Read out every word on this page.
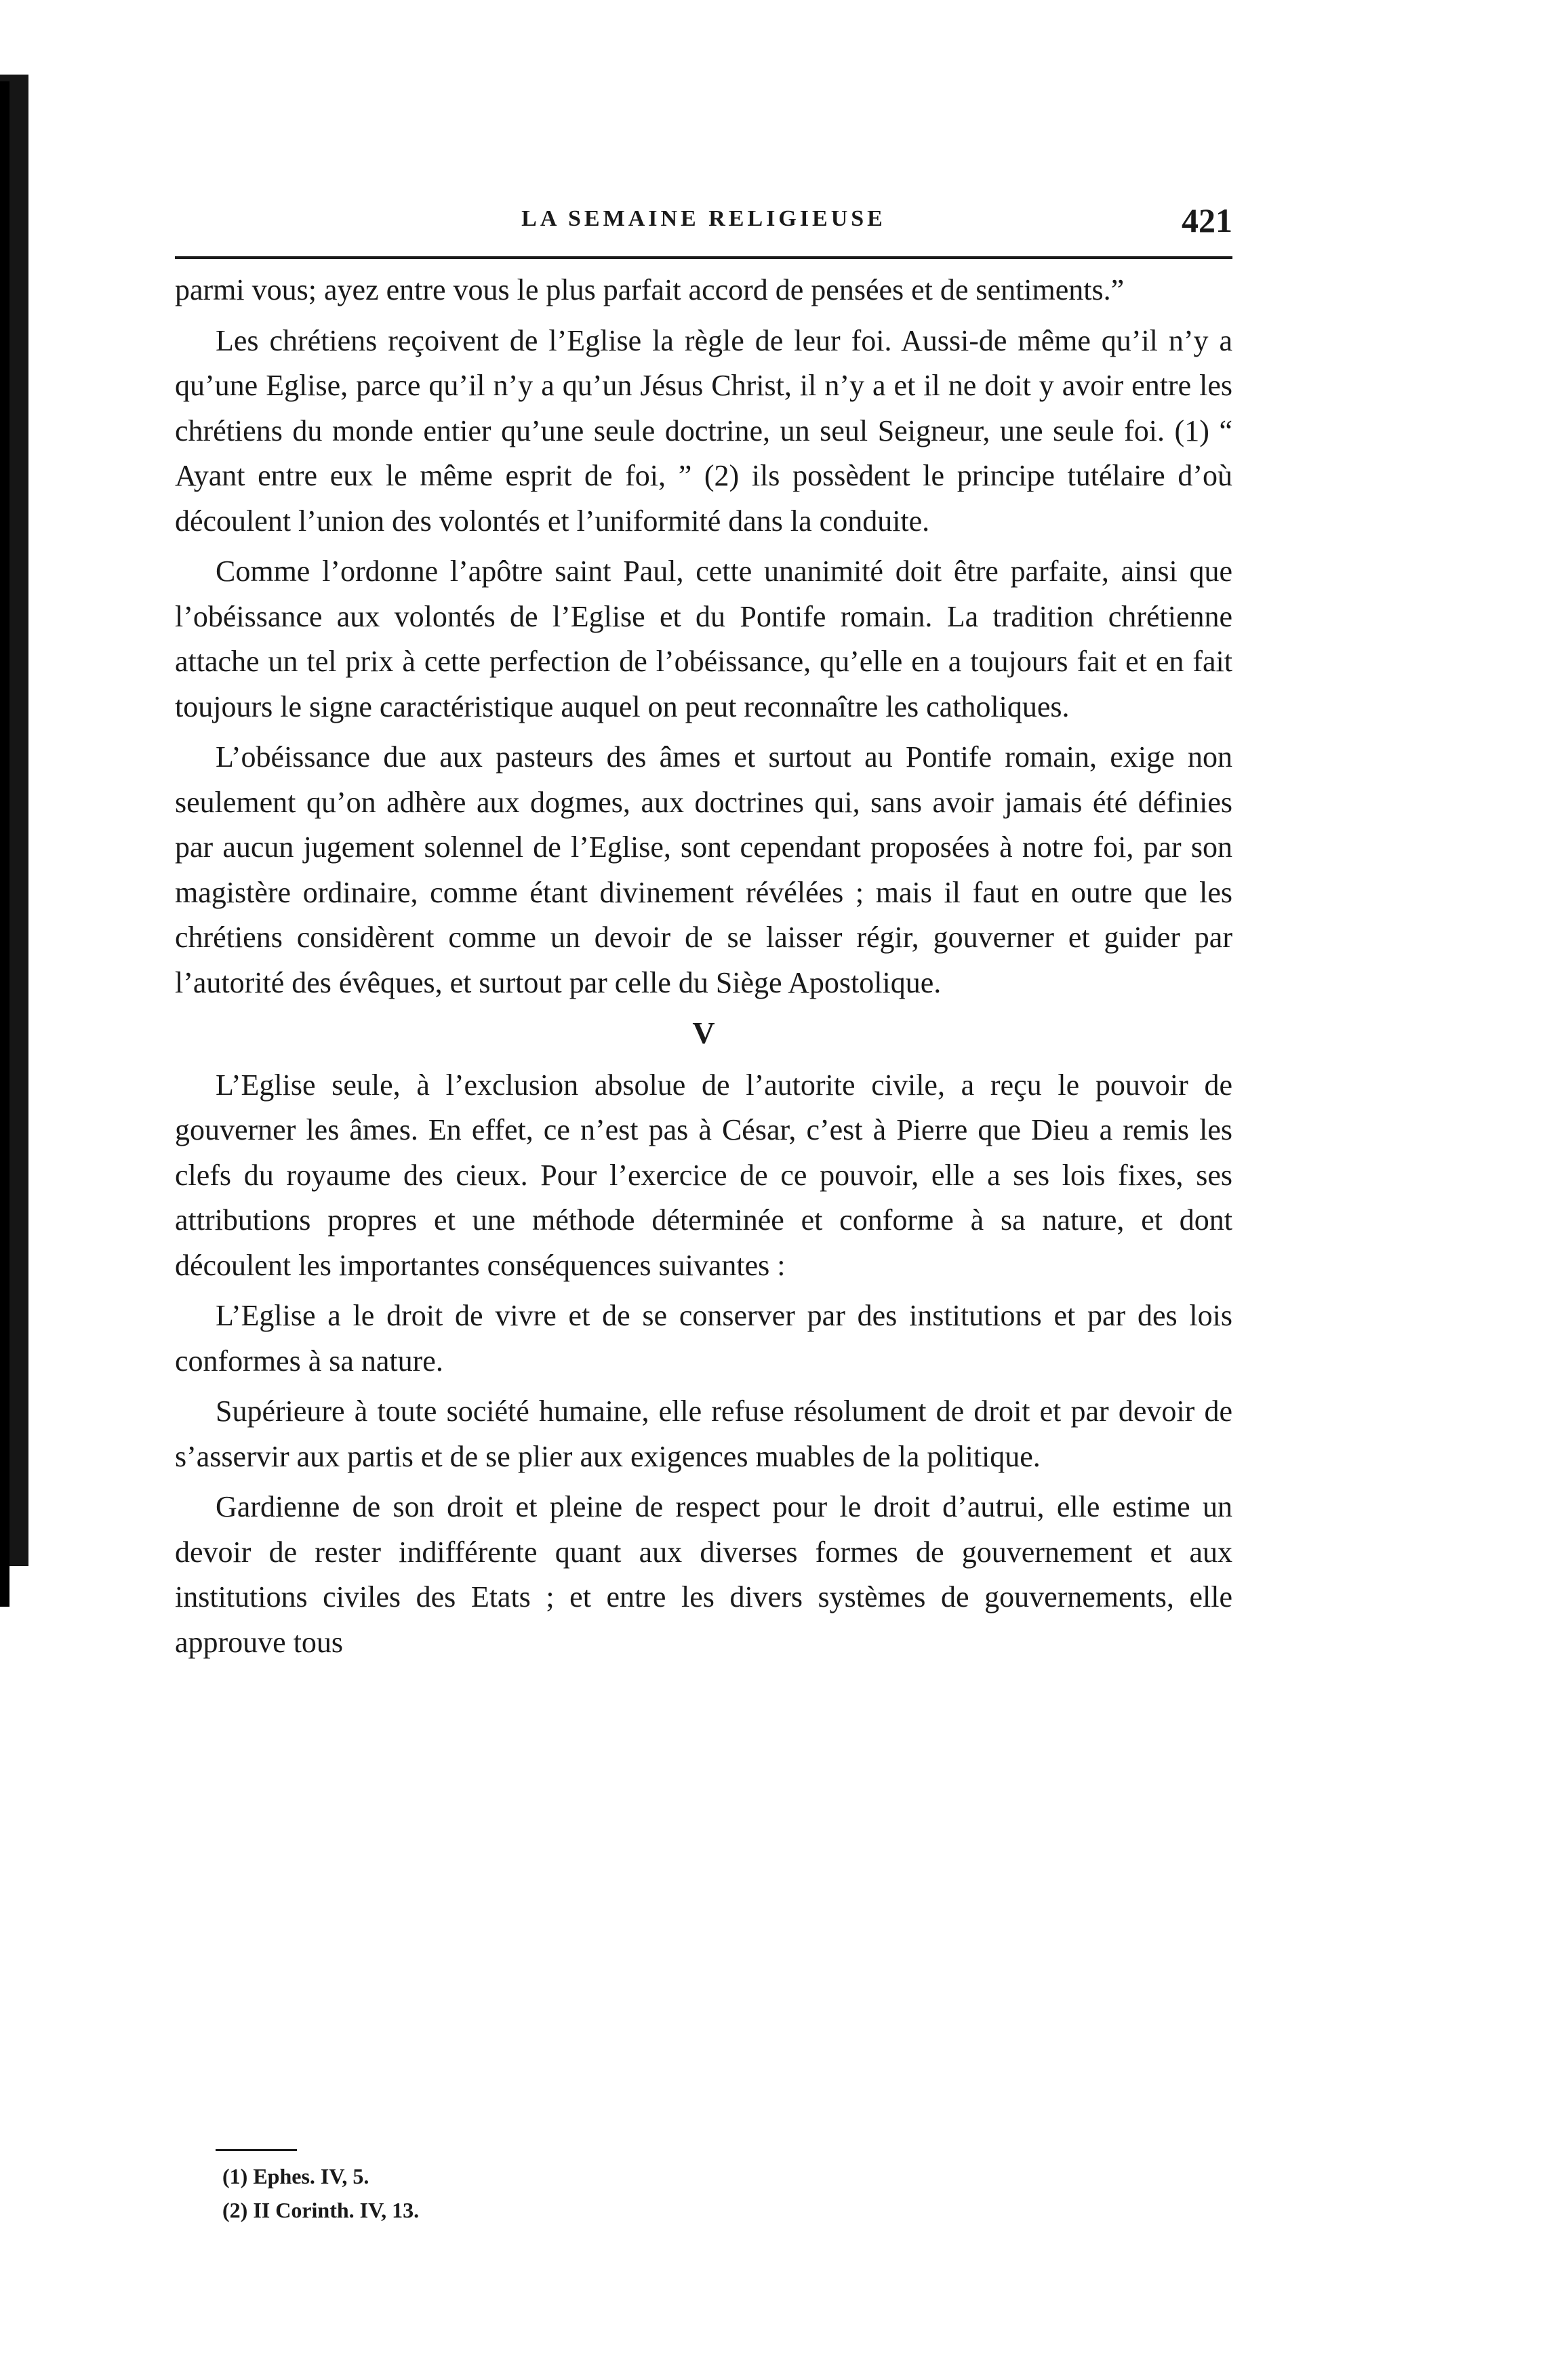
LA SEMAINE RELIGIEUSE	421

parmi vous; ayez entre vous le plus parfait accord de pensées et de sentiments.”

Les chrétiens reçoivent de l’Eglise la règle de leur foi. Aussi-de même qu’il n’y a qu’une Eglise, parce qu’il n’y a qu’un Jésus Christ, il n’y a et il ne doit y avoir entre les chrétiens du monde entier qu’une seule doctrine, un seul Seigneur, une seule foi. (1) “ Ayant entre eux le même esprit de foi, ” (2) ils possèdent le principe tutélaire d’où découlent l’union des volontés et l’uniformité dans la conduite.

Comme l’ordonne l’apôtre saint Paul, cette unanimité doit être parfaite, ainsi que l’obéissance aux volontés de l’Eglise et du Pontife romain. La tradition chrétienne attache un tel prix à cette perfection de l’obéissance, qu’elle en a toujours fait et en fait toujours le signe caractéristique auquel on peut reconnaître les catholiques.

L’obéissance due aux pasteurs des âmes et surtout au Pontife romain, exige non seulement qu’on adhère aux dogmes, aux doctrines qui, sans avoir jamais été définies par aucun jugement solennel de l’Eglise, sont cependant proposées à notre foi, par son magistère ordinaire, comme étant divinement révélées ; mais il faut en outre que les chrétiens considèrent comme un devoir de se laisser régir, gouverner et guider par l’autorité des évêques, et surtout par celle du Siège Apostolique.

V

L’Eglise seule, à l’exclusion absolue de l’autorite civile, a reçu le pouvoir de gouverner les âmes. En effet, ce n’est pas à César, c’est à Pierre que Dieu a remis les clefs du royaume des cieux. Pour l’exercice de ce pouvoir, elle a ses lois fixes, ses attributions propres et une méthode déterminée et conforme à sa nature, et dont découlent les importantes conséquences suivantes :

L’Eglise a le droit de vivre et de se conserver par des institutions et par des lois conformes à sa nature.

Supérieure à toute société humaine, elle refuse résolument de droit et par devoir de s’asservir aux partis et de se plier aux exigences muables de la politique.

Gardienne de son droit et pleine de respect pour le droit d’autrui, elle estime un devoir de rester indifférente quant aux diverses formes de gouvernement et aux institutions civiles des Etats ; et entre les divers systèmes de gouvernements, elle approuve tous

(1) Ephes. IV, 5.
(2) II Corinth. IV, 13.
